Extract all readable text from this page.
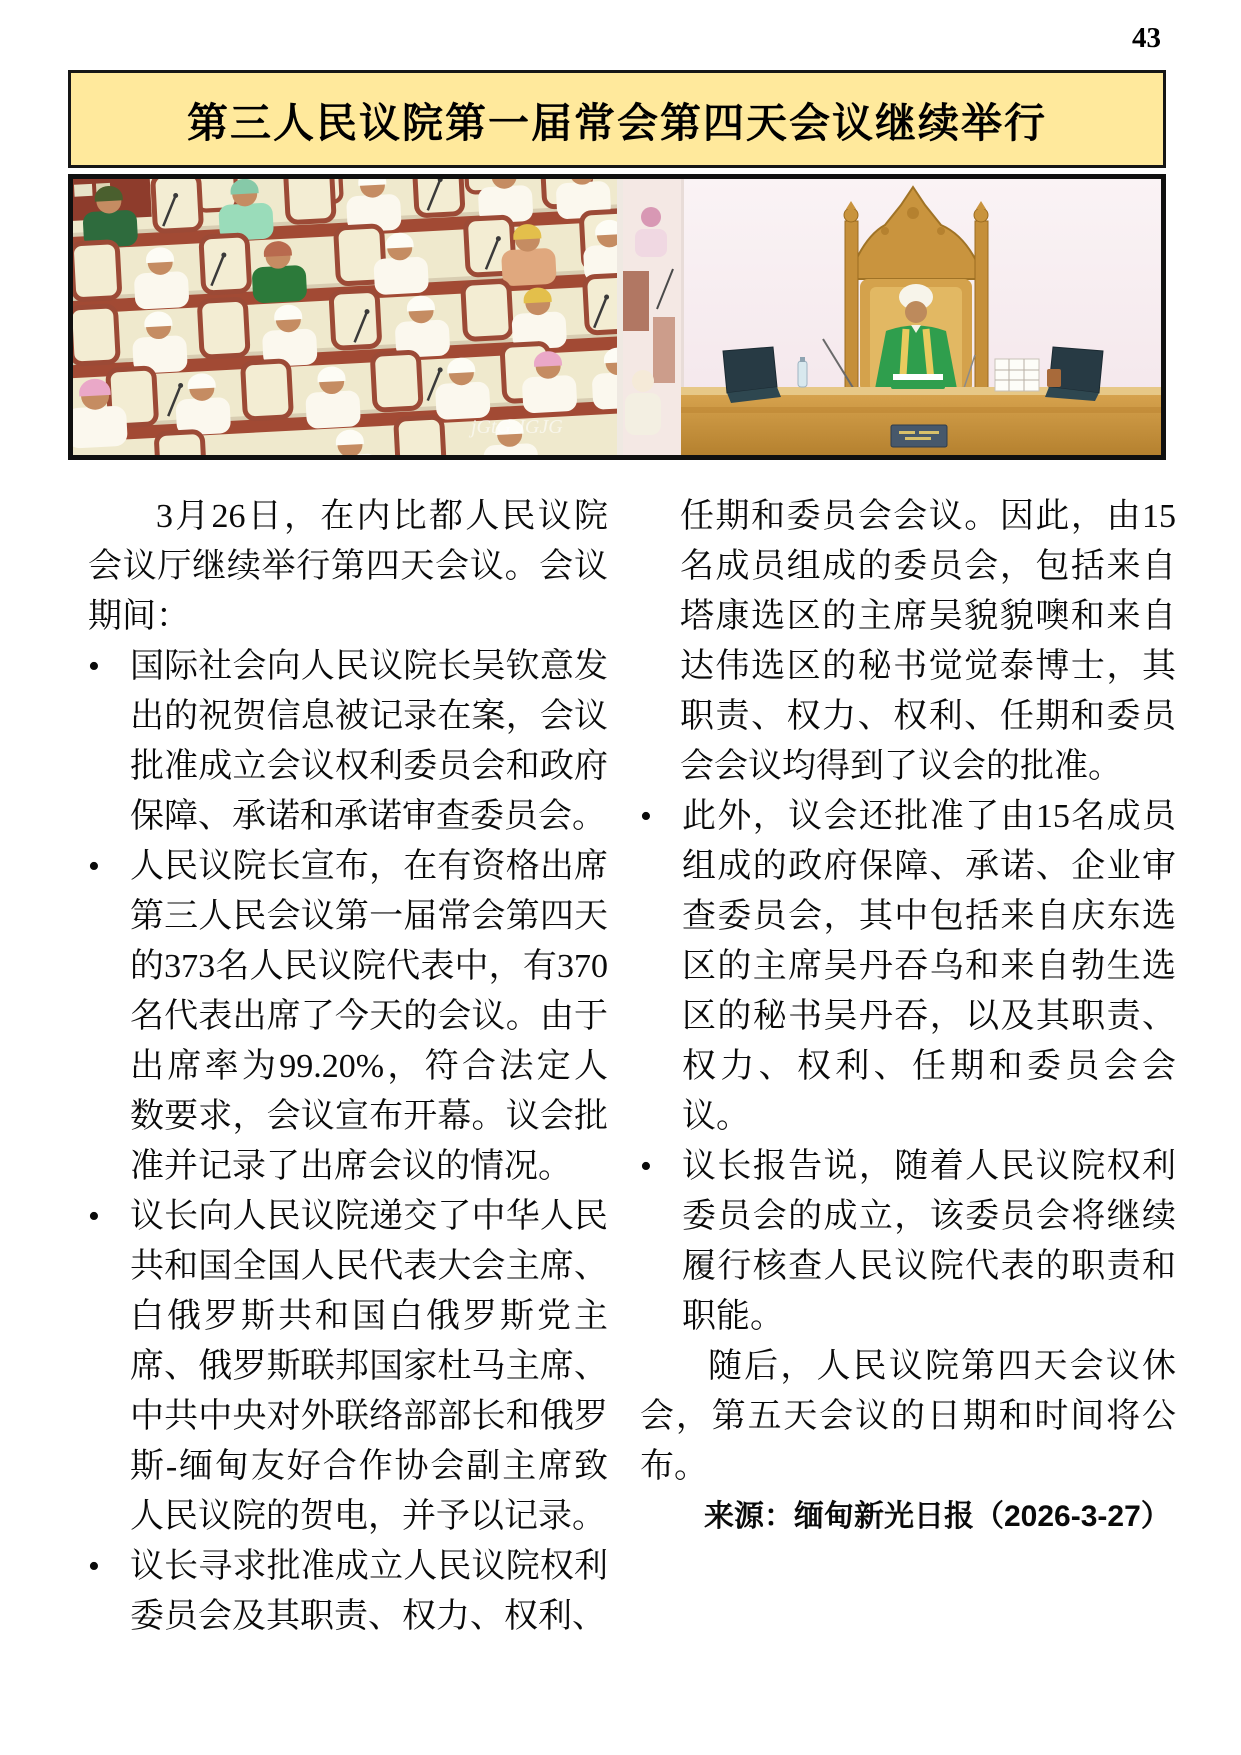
43
第三人民议院第一届常会第四天会议继续举行
jGtG JGJG

3月26日，在内比都人民议院会议厅继续举行第四天会议。会议期间：

• 国际社会向人民议院长吴钦意发出的祝贺信息被记录在案，会议批准成立会议权利委员会和政府保障、承诺和承诺审查委员会。
• 人民议院长宣布，在有资格出席第三人民会议第一届常会第四天的373名人民议院代表中，有370名代表出席了今天的会议。由于出席率为99.20%，符合法定人数要求，会议宣布开幕。议会批准并记录了出席会议的情况。
• 议长向人民议院递交了中华人民共和国全国人民代表大会主席、白俄罗斯共和国白俄罗斯党主席、俄罗斯联邦国家杜马主席、中共中央对外联络部部长和俄罗斯-缅甸友好合作协会副主席致人民议院的贺电，并予以记录。
• 议长寻求批准成立人民议院权利委员会及其职责、权力、权利、

任期和委员会会议。因此，由15名成员组成的委员会，包括来自塔康选区的主席吴貌貌噢和来自达伟选区的秘书觉觉泰博士，其职责、权力、权利、任期和委员会会议均得到了议会的批准。

• 此外，议会还批准了由15名成员组成的政府保障、承诺、企业审查委员会，其中包括来自庆东选区的主席吴丹吞乌和来自勃生选区的秘书吴丹吞，以及其职责、权力、权利、任期和委员会会议。
• 议长报告说，随着人民议院权利委员会的成立，该委员会将继续履行核查人民议院代表的职责和职能。

随后，人民议院第四天会议休会，第五天会议的日期和时间将公布。

来源：缅甸新光日报（2026-3-27）
